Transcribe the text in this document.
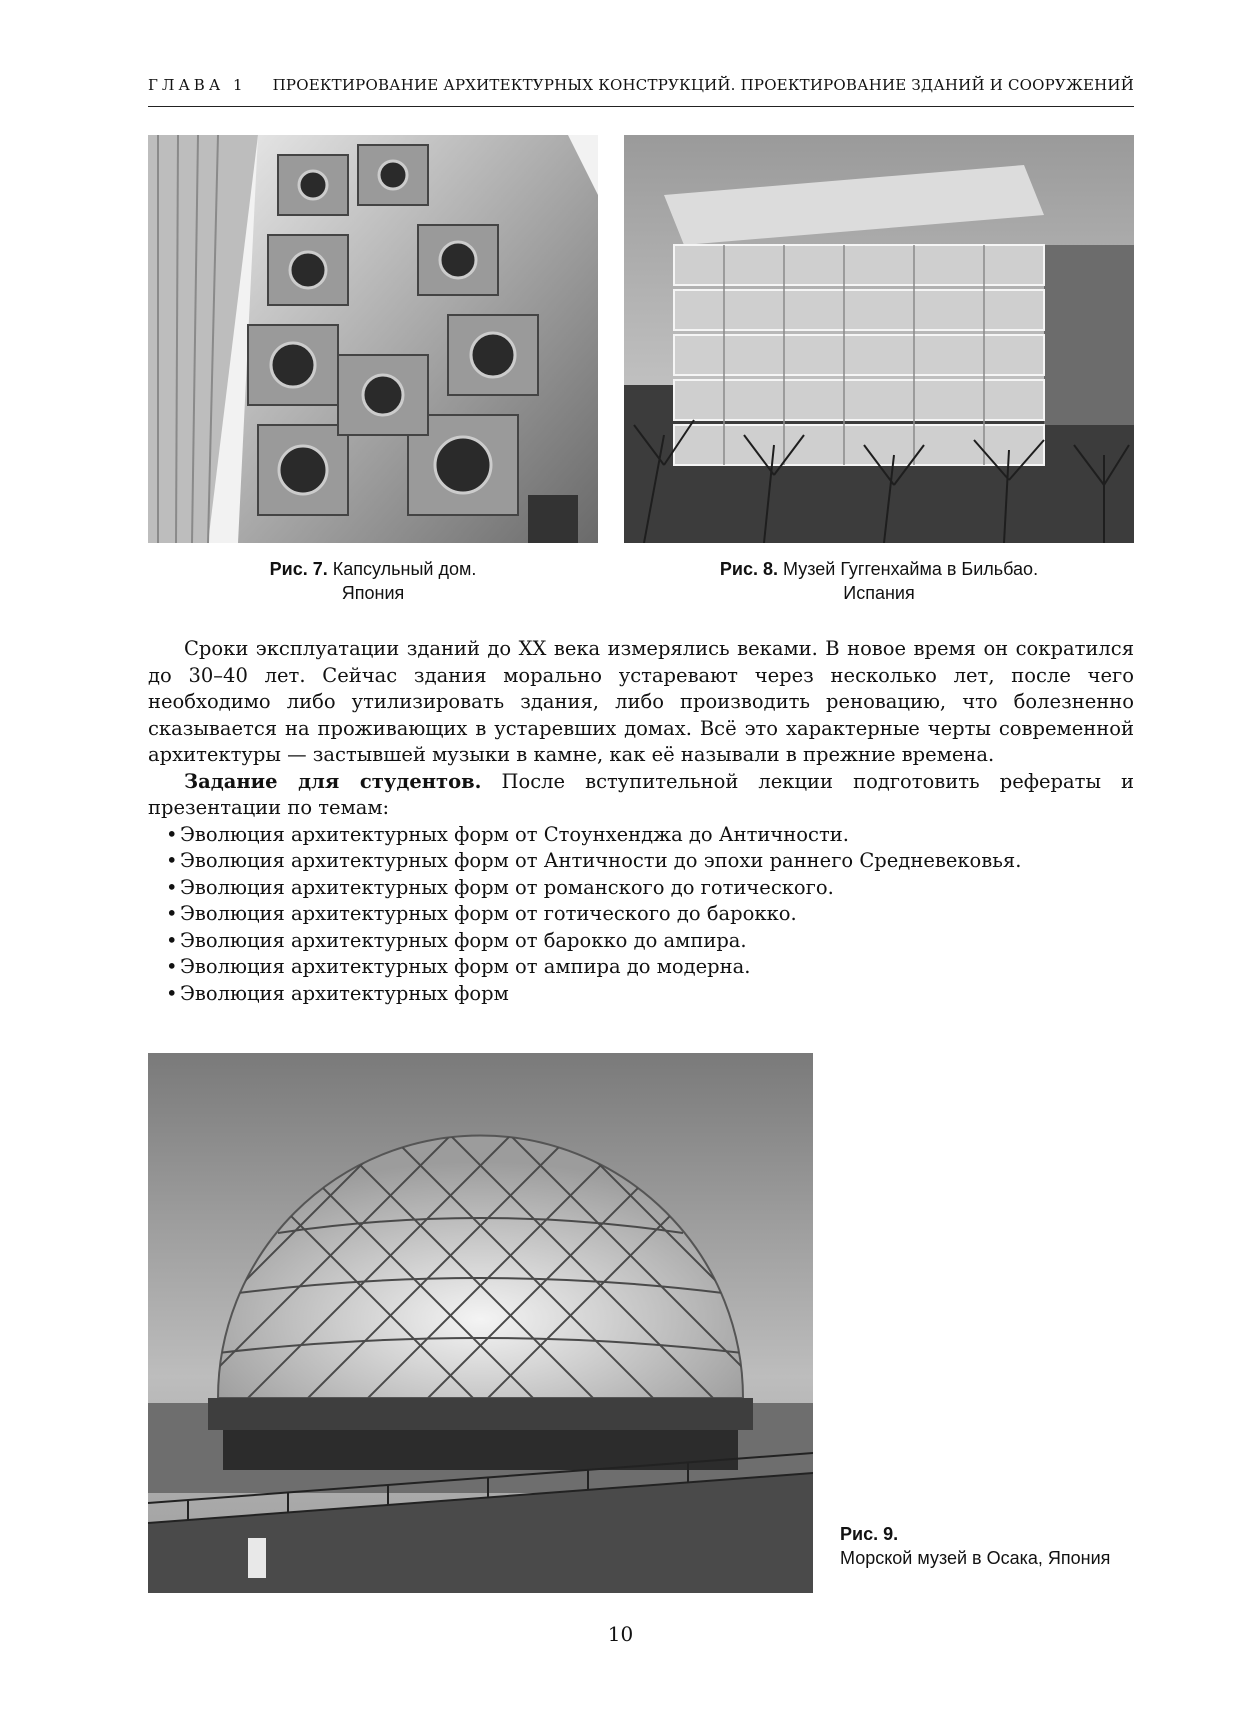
ГЛАВА 1 ПРОЕКТИРОВАНИЕ АРХИТЕКТУРНЫХ КОНСТРУКЦИЙ. ПРОЕКТИРОВАНИЕ ЗДАНИЙ И СООРУЖЕНИЙ
Рис. 7. Капсульный дом.
Япония
Рис. 8. Музей Гуггенхайма в Бильбао.
Испания

Сроки эксплуатации зданий до XX века измерялись веками. В новое время он сократился до 30–40 лет. Сейчас здания морально устаревают через несколько лет, после чего необходимо либо утилизировать здания, либо производить реновацию, что болезненно сказывается на проживающих в устаревших домах. Всё это характерные черты современной архитектуры — застывшей музыки в камне, как её называли в прежние времена.

Задание для студентов. После вступительной лекции подготовить рефераты и презентации по темам:

• Эволюция архитектурных форм от Стоунхенджа до Античности.
• Эволюция архитектурных форм от Античности до эпохи раннего Средневековья.
• Эволюция архитектурных форм от романского до готического.
• Эволюция архитектурных форм от готического до барокко.
• Эволюция архитектурных форм от барокко до ампира.
• Эволюция архитектурных форм от ампира до модерна.
• Эволюция архитектурных форм
Рис. 9.
Морской музей в Осака, Япония
10
